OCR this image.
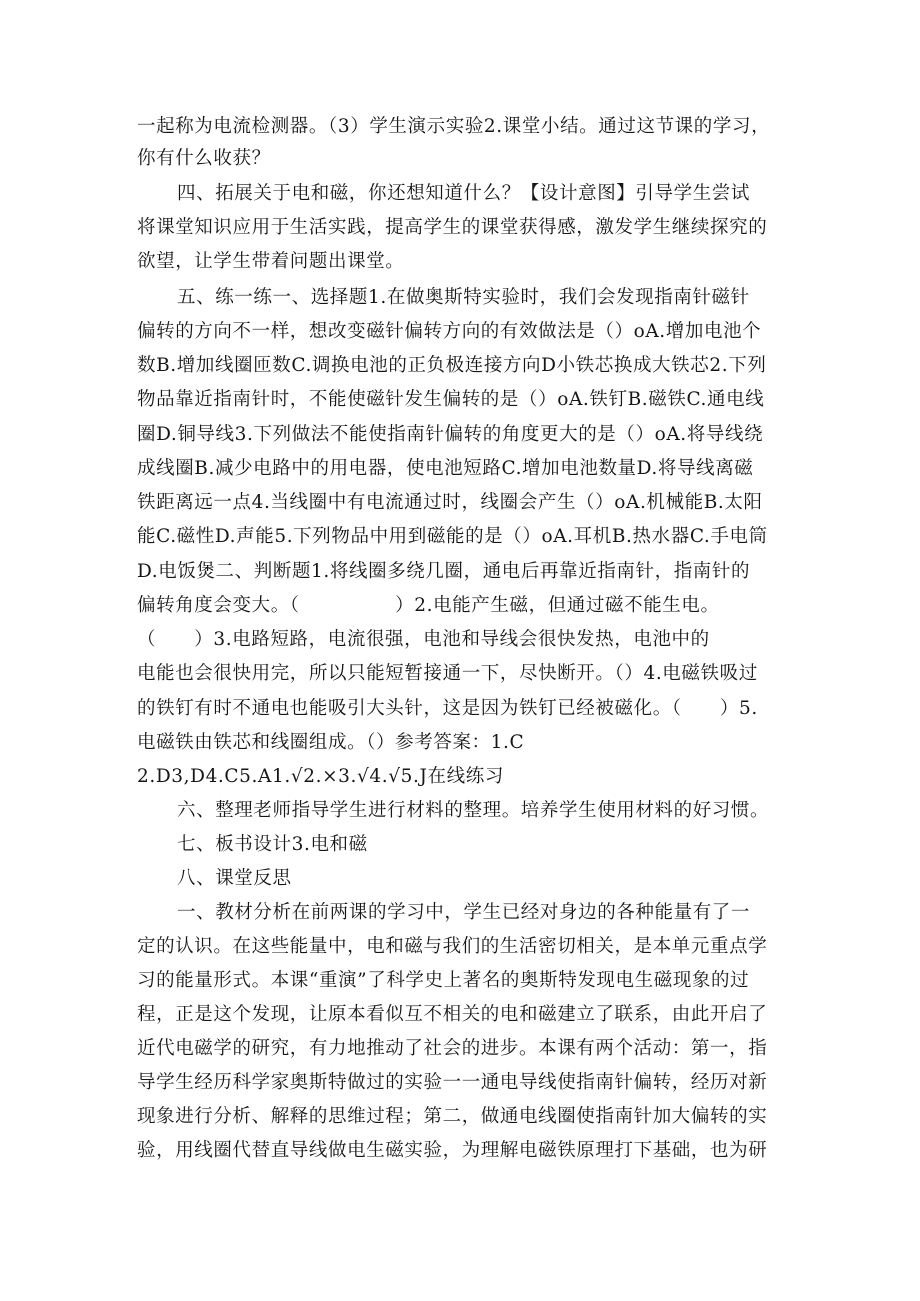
一起称为电流检测器。（3）学生演示实验2.课堂小结。通过这节课的学习，
你有什么收获？
四、拓展关于电和磁，你还想知道什么？【设计意图】引导学生尝试
将课堂知识应用于生活实践，提高学生的课堂获得感，激发学生继续探究的
欲望，让学生带着问题出课堂。
五、练一练一、选择题1.在做奥斯特实验时，我们会发现指南针磁针
偏转的方向不一样，想改变磁针偏转方向的有效做法是（）oA.增加电池个
数B.增加线圈匝数C.调换电池的正负极连接方向D小铁芯换成大铁芯2.下列
物品靠近指南针时，不能使磁针发生偏转的是（）oA.铁钉B.磁铁C.通电线
圈D.铜导线3.下列做法不能使指南针偏转的角度更大的是（）oA.将导线绕
成线圈B.减少电路中的用电器，使电池短路C.增加电池数量D.将导线离磁
铁距离远一点4.当线圈中有电流通过时，线圈会产生（）oA.机械能B.太阳
能C.磁性D.声能5.下列物品中用到磁能的是（）oA.耳机B.热水器C.手电筒
D.电饭煲二、判断题1.将线圈多绕几圈，通电后再靠近指南针，指南针的
偏转角度会变大。（　　　　　）2.电能产生磁，但通过磁不能生电。
（　　）3.电路短路，电流很强，电池和导线会很快发热，电池中的
电能也会很快用完，所以只能短暂接通一下，尽快断开。（）4.电磁铁吸过
的铁钉有时不通电也能吸引大头针，这是因为铁钉已经被磁化。（　　）5.
电磁铁由铁芯和线圈组成。（）参考答案：1.C
2.D3,D4.C5.A1.√2.×3.√4.√5.J在线练习
六、整理老师指导学生进行材料的整理。培养学生使用材料的好习惯。
七、板书设计3.电和磁
八、课堂反思
一、教材分析在前两课的学习中，学生已经对身边的各种能量有了一
定的认识。在这些能量中，电和磁与我们的生活密切相关，是本单元重点学
习的能量形式。本课“重演”了科学史上著名的奥斯特发现电生磁现象的过
程，正是这个发现，让原本看似互不相关的电和磁建立了联系，由此开启了
近代电磁学的研究，有力地推动了社会的进步。本课有两个活动：第一，指
导学生经历科学家奥斯特做过的实验一一通电导线使指南针偏转，经历对新
现象进行分析、解释的思维过程；第二，做通电线圈使指南针加大偏转的实
验，用线圈代替直导线做电生磁实验，为理解电磁铁原理打下基础，也为研
